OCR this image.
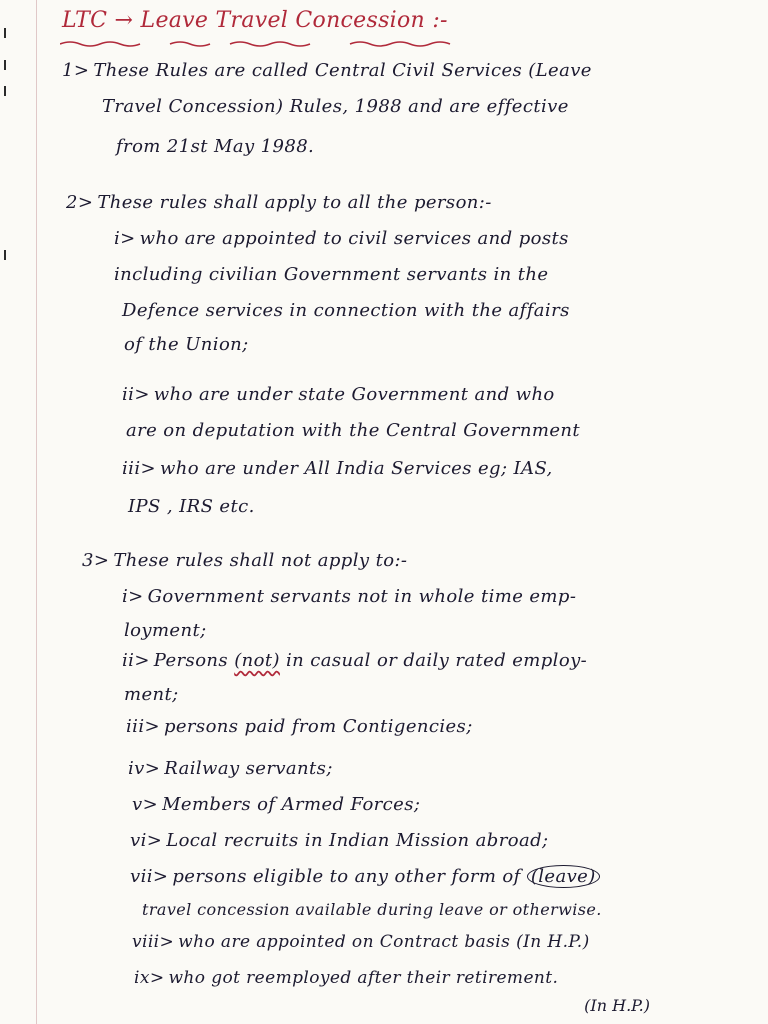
LTC → Leave Travel Concession :-
1> These Rules are called Central Civil Services (Leave
Travel Concession) Rules, 1988 and are effective
from 21st May 1988.
2> These rules shall apply to all the person:-
i> who are appointed to civil services and posts
including civilian Government servants in the
Defence services in connection with the affairs
of the Union;
ii> who are under state Government and who
are on deputation with the Central Government
iii> who are under All India Services eg; IAS,
IPS , IRS etc.
3> These rules shall not apply to:-
i> Government servants not in whole time emp-
loyment;
ii> Persons (not) in casual or daily rated employ-
ment;
iii> persons paid from Contigencies;
iv> Railway servants;
v> Members of Armed Forces;
vi> Local recruits in Indian Mission abroad;
vii> persons eligible to any other form of (leave)
travel concession available during leave or otherwise.
viii> who are appointed on Contract basis (In H.P.)
ix> who got reemployed after their retirement.
(In H.P.)
